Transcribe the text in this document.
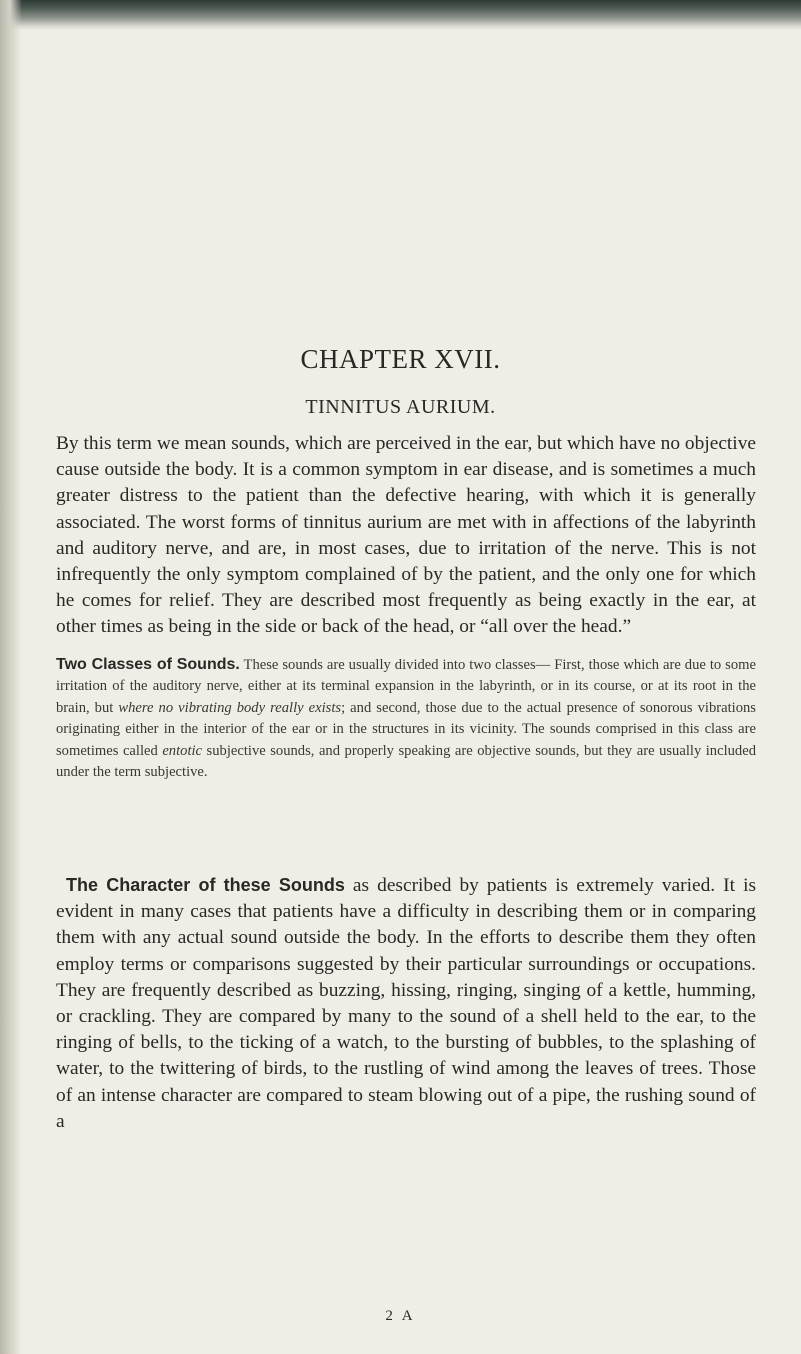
CHAPTER XVII.
TINNITUS AURIUM.

By this term we mean sounds, which are perceived in the ear, but which have no objective cause outside the body. It is a common symptom in ear disease, and is sometimes a much greater distress to the patient than the defective hearing, with which it is generally associated. The worst forms of tinnitus aurium are met with in affections of the labyrinth and auditory nerve, and are, in most cases, due to irritation of the nerve. This is not infrequently the only symptom complained of by the patient, and the only one for which he comes for relief. They are described most frequently as being exactly in the ear, at other times as being in the side or back of the head, or “all over the head.”

Two Classes of Sounds. These sounds are usually divided into two classes— First, those which are due to some irritation of the auditory nerve, either at its terminal expansion in the labyrinth, or in its course, or at its root in the brain, but where no vibrating body really exists; and second, those due to the actual presence of sonorous vibrations originating either in the interior of the ear or in the structures in its vicinity. The sounds comprised in this class are sometimes called entotic subjective sounds, and properly speaking are objective sounds, but they are usually included under the term subjective.

The Character of these Sounds as described by patients is extremely varied. It is evident in many cases that patients have a difficulty in describing them or in comparing them with any actual sound outside the body. In the efforts to describe them they often employ terms or comparisons suggested by their particular surroundings or occupations. They are frequently described as buzzing, hissing, ringing, singing of a kettle, humming, or crackling. They are compared by many to the sound of a shell held to the ear, to the ringing of bells, to the ticking of a watch, to the bursting of bubbles, to the splashing of water, to the twittering of birds, to the rustling of wind among the leaves of trees. Those of an intense character are compared to steam blowing out of a pipe, the rushing sound of a

2 A
